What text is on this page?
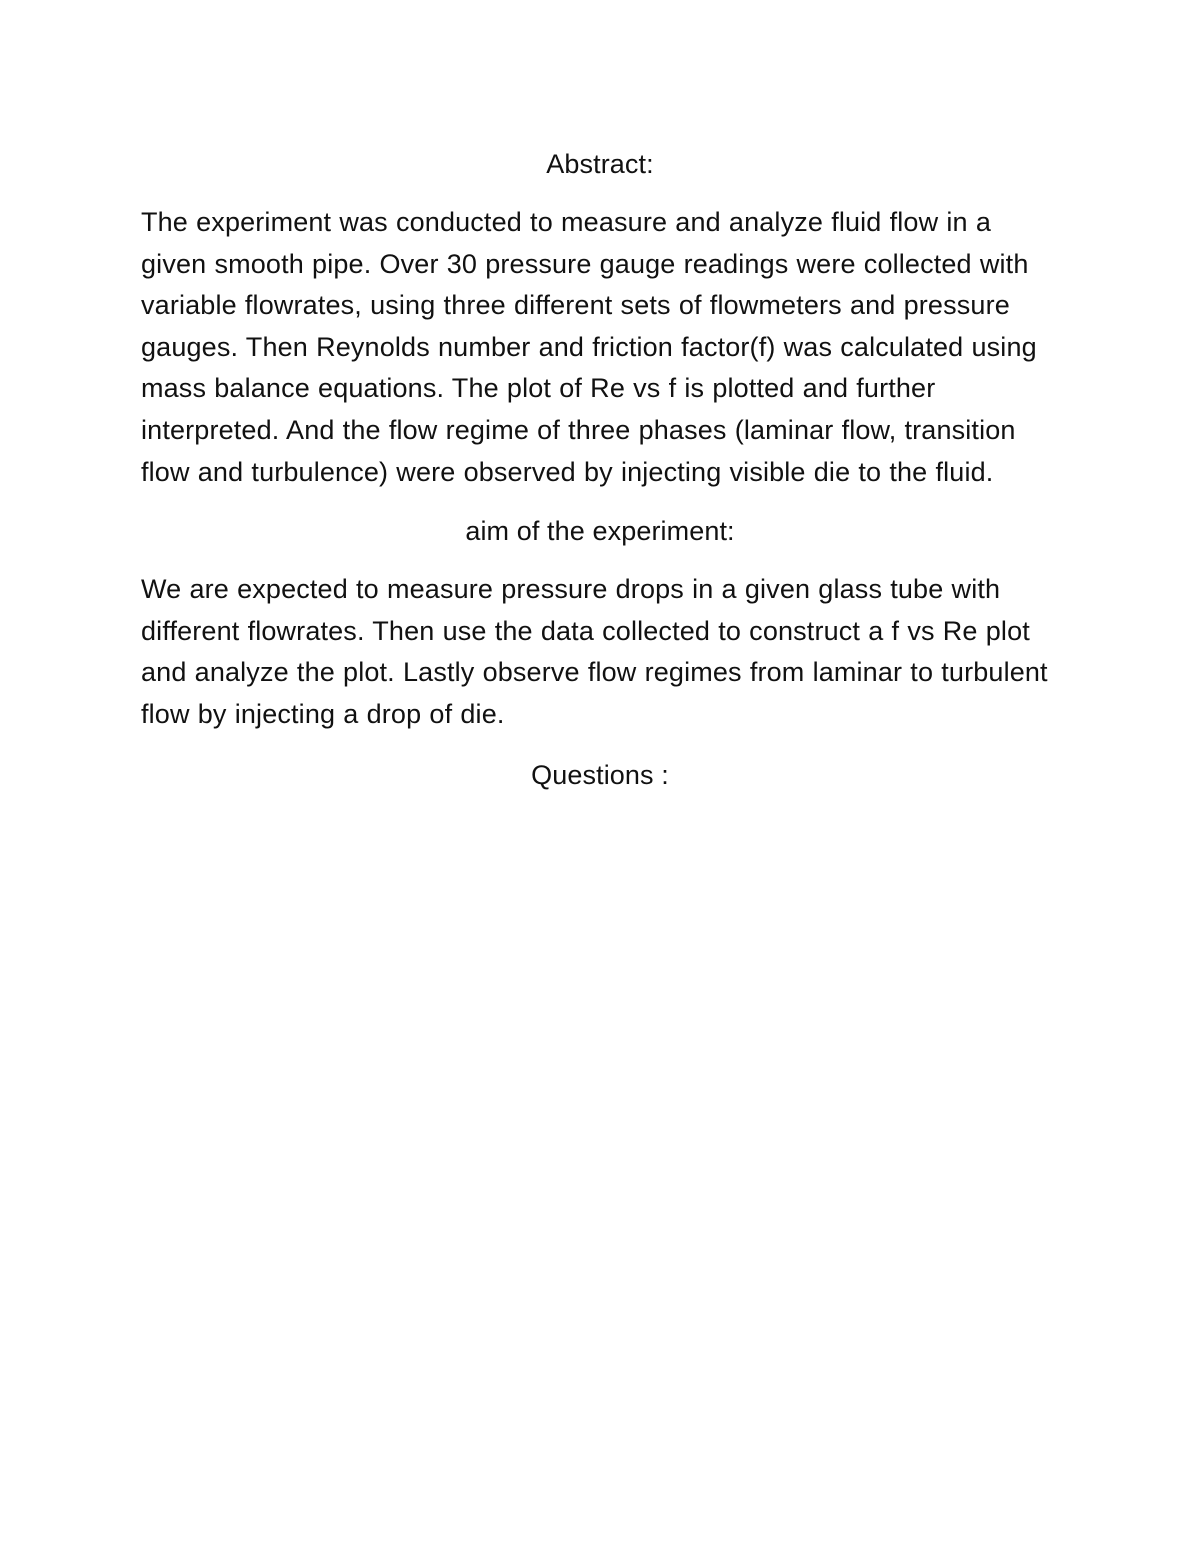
Abstract:

The experiment was conducted to measure and analyze fluid flow in a given smooth pipe. Over 30 pressure gauge readings were collected with variable flowrates, using three different sets of flowmeters and pressure gauges. Then Reynolds number and friction factor(f) was calculated using mass balance equations. The plot of Re vs f is plotted and further interpreted. And the flow regime of three phases (laminar flow, transition flow and turbulence) were observed by injecting visible die to the fluid.

aim of the experiment:

We are expected to measure pressure drops in a given glass tube with different flowrates. Then use the data collected to construct a f vs Re plot and analyze the plot. Lastly observe flow regimes from laminar to turbulent flow by injecting a drop of die.

Questions :
